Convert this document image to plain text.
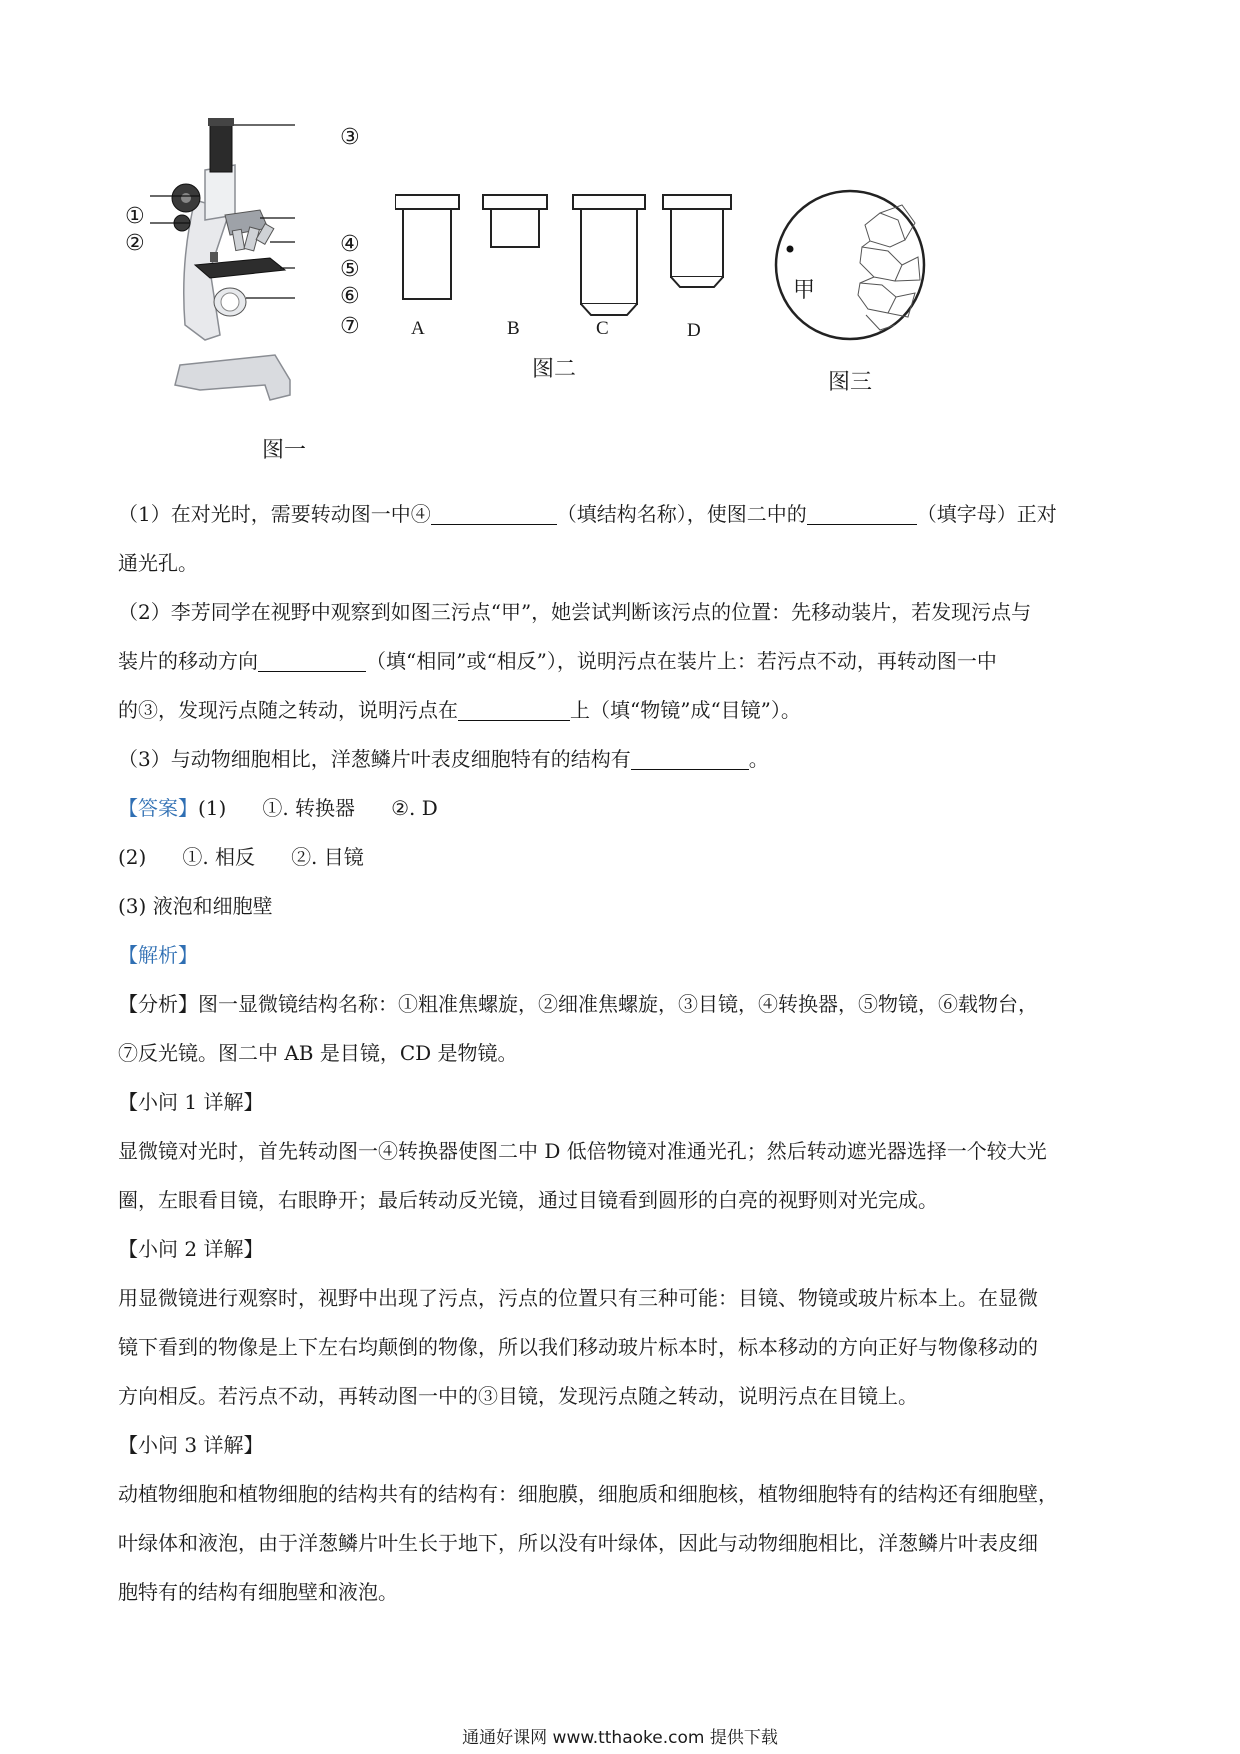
①
②
③
④
⑤
⑥
⑦
图一
A	B	C	D
图二
甲
图三
（1）在对光时，需要转动图一中④	（填结构名称），使图二中的	（填字母）正对
通光孔。
（2）李芳同学在视野中观察到如图三污点“甲”，她尝试判断该污点的位置：先移动装片，若发现污点与
装片的移动方向	（填“相同”或“相反”），说明污点在装片上：若污点不动，再转动图一中
的③，发现污点随之转动，说明污点在	上（填“物镜”成“目镜”）。
（3）与动物细胞相比，洋葱鳞片叶表皮细胞特有的结构有	。
【答案】(1) ①. 转换器 ②. D
(2) ①. 相反 ②. 目镜
(3) 液泡和细胞壁
【解析】
【分析】图一显微镜结构名称：①粗准焦螺旋，②细准焦螺旋，③目镜，④转换器，⑤物镜，⑥载物台，
⑦反光镜。图二中 AB 是目镜，CD 是物镜。
【小问 1 详解】
显微镜对光时，首先转动图一④转换器使图二中 D 低倍物镜对准通光孔；然后转动遮光器选择一个较大光
圈，左眼看目镜，右眼睁开；最后转动反光镜，通过目镜看到圆形的白亮的视野则对光完成。
【小问 2 详解】
用显微镜进行观察时，视野中出现了污点，污点的位置只有三种可能：目镜、物镜或玻片标本上。在显微
镜下看到的物像是上下左右均颠倒的物像，所以我们移动玻片标本时，标本移动的方向正好与物像移动的
方向相反。若污点不动，再转动图一中的③目镜，发现污点随之转动，说明污点在目镜上。
【小问 3 详解】
动植物细胞和植物细胞的结构共有的结构有：细胞膜，细胞质和细胞核，植物细胞特有的结构还有细胞壁，
叶绿体和液泡，由于洋葱鳞片叶生长于地下，所以没有叶绿体，因此与动物细胞相比，洋葱鳞片叶表皮细
胞特有的结构有细胞壁和液泡。
通通好课网 www.tthaoke.com 提供下载
